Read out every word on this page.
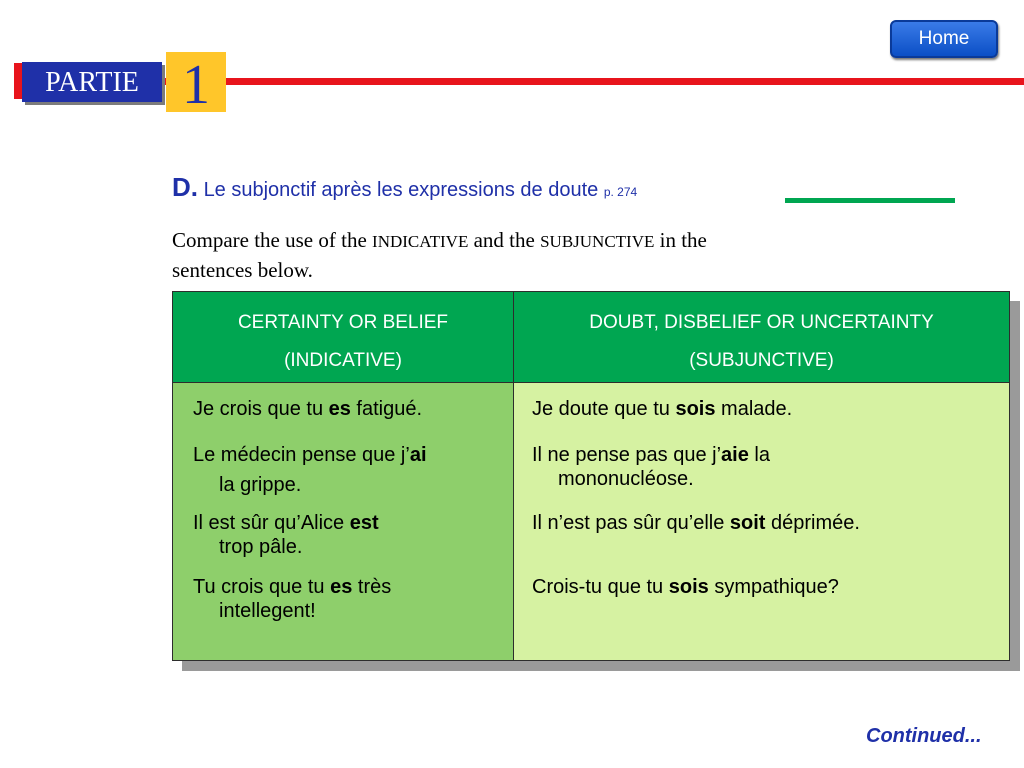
Home
PARTIE 1
D. Le subjonctif après les expressions de doute p. 274
Compare the use of the INDICATIVE and the SUBJUNCTIVE in the
sentences below.
CERTAINTY OR BELIEF
(INDICATIVE)
DOUBT, DISBELIEF OR UNCERTAINTY
(SUBJUNCTIVE)
Je crois que tu es fatigué.
Le médecin pense que j’ai
la grippe.
Il est sûr qu’Alice est
trop pâle.
Tu crois que tu es très
intellegent!
Je doute que tu sois malade.
Il ne pense pas que j’aie la
mononucléose.
Il n’est pas sûr qu’elle soit déprimée.
Crois-tu que tu sois sympathique?
Continued...
